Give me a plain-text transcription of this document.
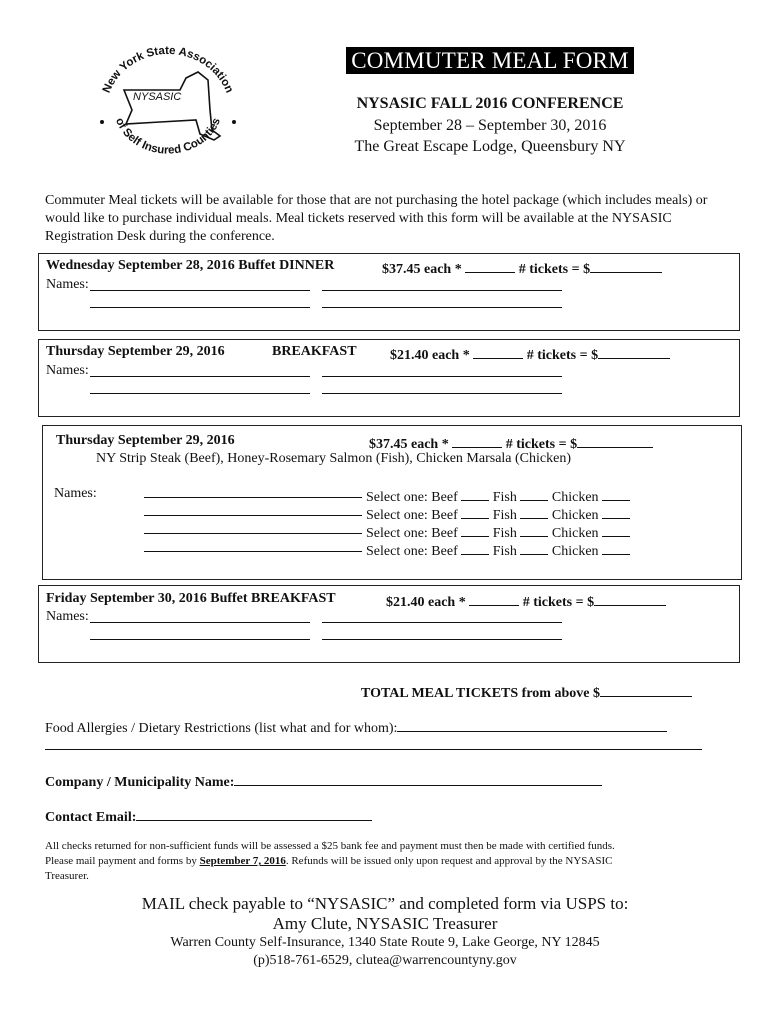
New York State Association
of Self Insured Counties
NYSASIC
COMMUTER MEAL FORM
NYSASIC FALL 2016 CONFERENCE
September 28 – September 30, 2016
The Great Escape Lodge, Queensbury NY
Commuter Meal tickets will be available for those that are not purchasing the hotel package (which includes meals) or would like to purchase individual meals. Meal tickets reserved with this form will be available at the NYSASIC Registration Desk during the conference.
Wednesday September 28, 2016 Buffet DINNER	$37.45 each *	# tickets = $
Names:
Thursday September 29, 2016	BREAKFAST $21.40 each *	# tickets = $
Names:
Thursday September 29, 2016	$37.45 each *	# tickets = $
NY Strip Steak (Beef), Honey-Rosemary Salmon (Fish), Chicken Marsala (Chicken)
Names:	Select one: Beef	Fish	Chicken
Select one: Beef	Fish	Chicken
Select one: Beef	Fish	Chicken
Select one: Beef	Fish	Chicken
Friday September 30, 2016 Buffet BREAKFAST	$21.40 each *	# tickets = $
Names:
TOTAL MEAL TICKETS from above $
Food Allergies / Dietary Restrictions (list what and for whom):
Company / Municipality Name:
Contact Email:
All checks returned for non-sufficient funds will be assessed a $25 bank fee and payment must then be made with certified funds.
Please mail payment and forms by September 7, 2016. Refunds will be issued only upon request and approval by the NYSASIC
Treasurer.
MAIL check payable to “NYSASIC” and completed form via USPS to:
Amy Clute, NYSASIC Treasurer
Warren County Self-Insurance, 1340 State Route 9, Lake George, NY 12845
(p)518-761-6529, clutea@warrencountyny.gov
